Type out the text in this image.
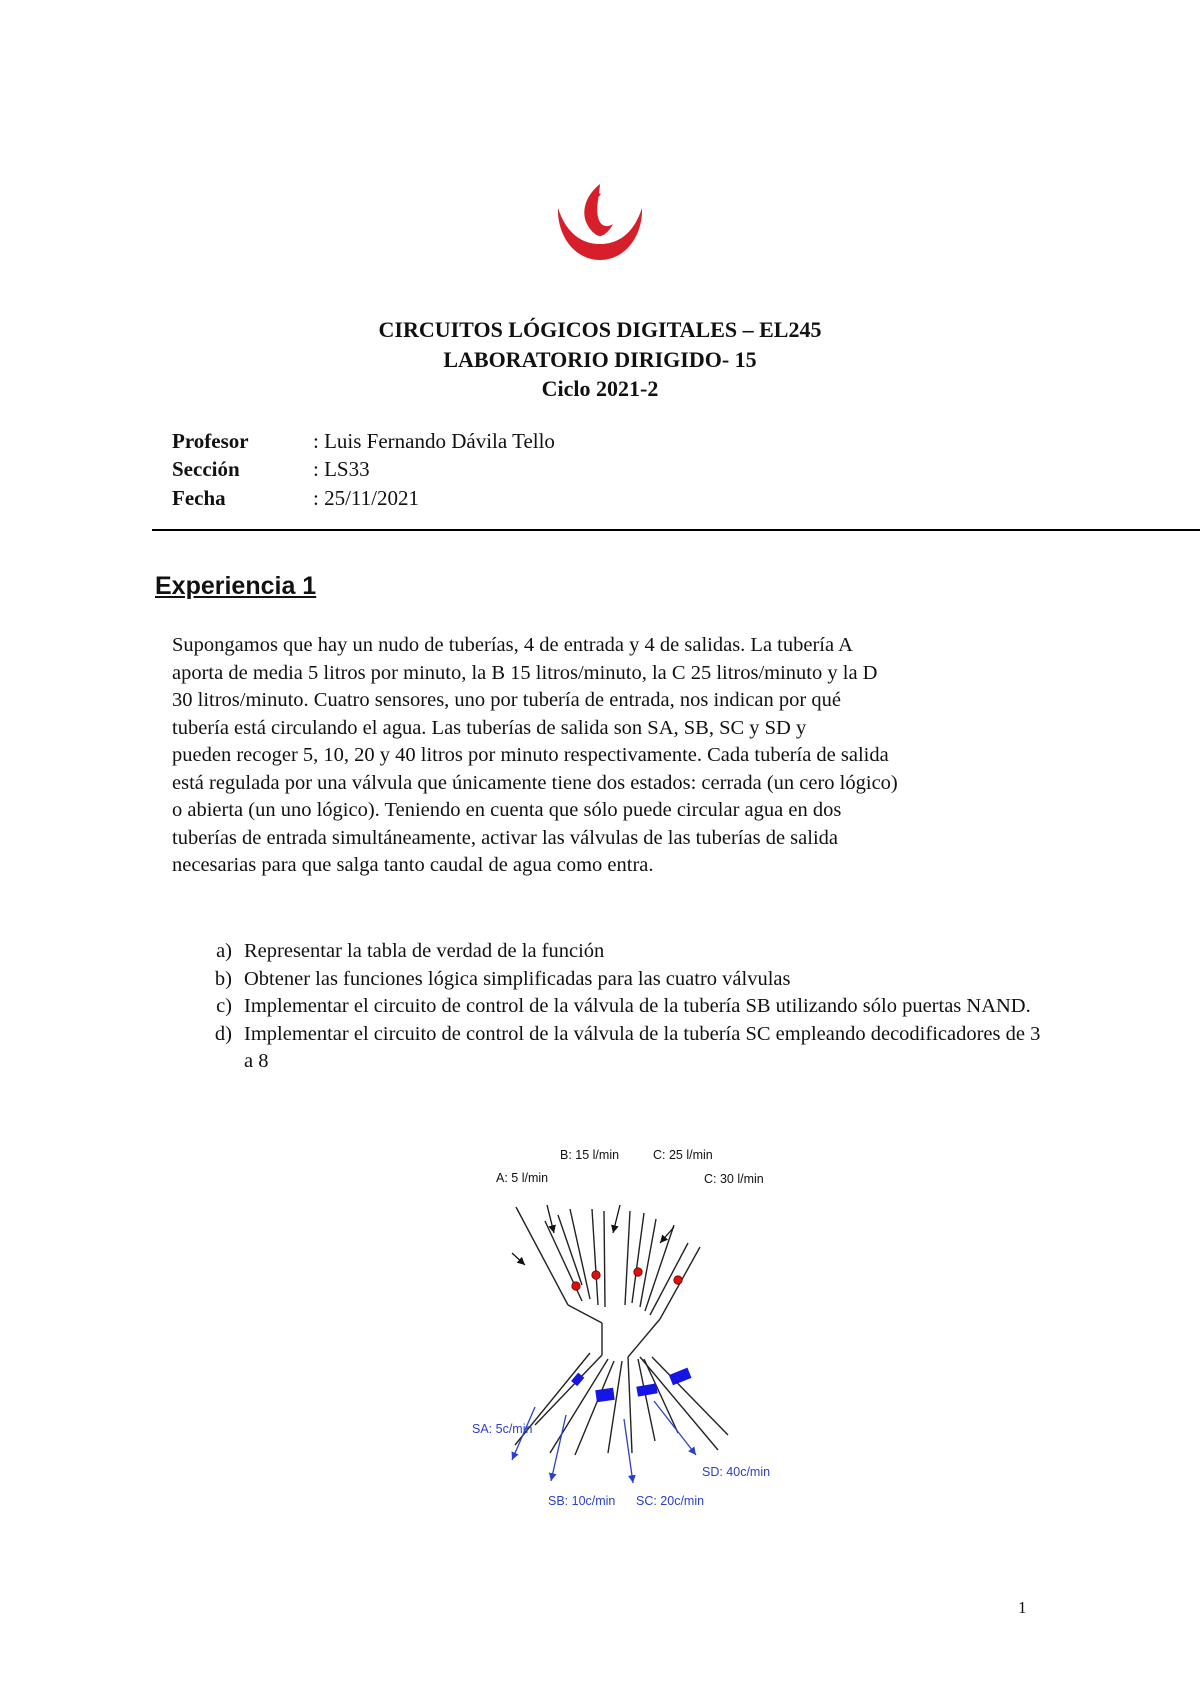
CIRCUITOS LÓGICOS DIGITALES – EL245
LABORATORIO DIRIGIDO- 15
Ciclo 2021-2
Profesor	: Luis Fernando Dávila Tello
Sección	: LS33
Fecha	: 25/11/2021
Experiencia 1
Supongamos que hay un nudo de tuberías, 4 de entrada y 4 de salidas. La tubería A
aporta de media 5 litros por minuto, la B 15 litros/minuto, la C 25 litros/minuto y la D
30 litros/minuto. Cuatro sensores, uno por tubería de entrada, nos indican por qué
tubería está circulando el agua. Las tuberías de salida son SA, SB, SC y SD y
pueden recoger 5, 10, 20 y 40 litros por minuto respectivamente. Cada tubería de salida
está regulada por una válvula que únicamente tiene dos estados: cerrada (un cero lógico)
o abierta (un uno lógico). Teniendo en cuenta que sólo puede circular agua en dos
tuberías de entrada simultáneamente, activar las válvulas de las tuberías de salida
necesarias para que salga tanto caudal de agua como entra.
a) Representar la tabla de verdad de la función
b) Obtener las funciones lógica simplificadas para las cuatro válvulas
c) Implementar el circuito de control de la válvula de la tubería SB utilizando sólo puertas NAND.
d) Implementar el circuito de control de la válvula de la tubería SC empleando decodificadores de 3 a 8
A: 5 l/min
B: 15 l/min	C: 25 l/min
C: 30 l/min
SA: 5c/min
SB: 10c/min SC: 20c/min
SD: 40c/min
1
